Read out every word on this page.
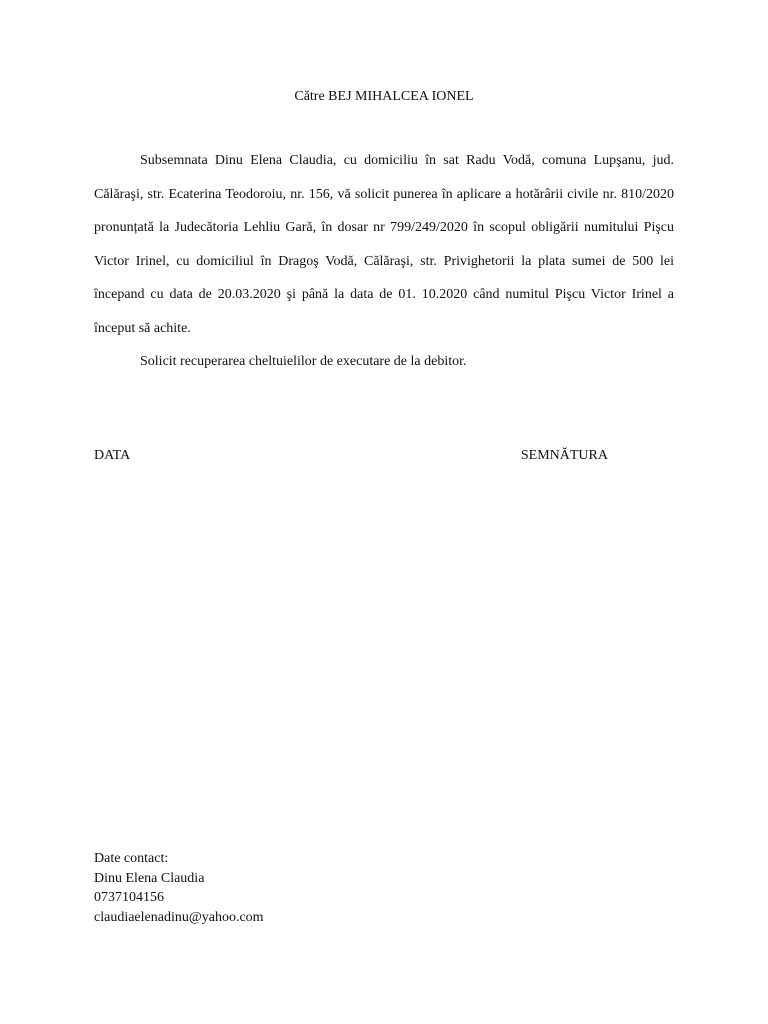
Către BEJ MIHALCEA IONEL

Subsemnata Dinu Elena Claudia, cu domiciliu în sat Radu Vodă, comuna Lupşanu, jud. Călăraşi, str. Ecaterina Teodoroiu, nr. 156, vă solicit punerea în aplicare a hotărârii civile nr. 810/2020 pronunțată la Judecătoria Lehliu Gară, în dosar nr 799/249/2020 în scopul obligării numitului Pişcu Victor Irinel, cu domiciliul în Dragoş Vodă, Călăraşi, str. Privighetorii la plata sumei de 500 lei începand cu data de 20.03.2020 şi până la data de 01. 10.2020 când numitul Pişcu Victor Irinel a început să achite.

Solicit recuperarea cheltuielilor de executare de la debitor.

DATA	SEMNĂTURA
Date contact:
Dinu Elena Claudia
0737104156
claudiaelenadinu@yahoo.com
